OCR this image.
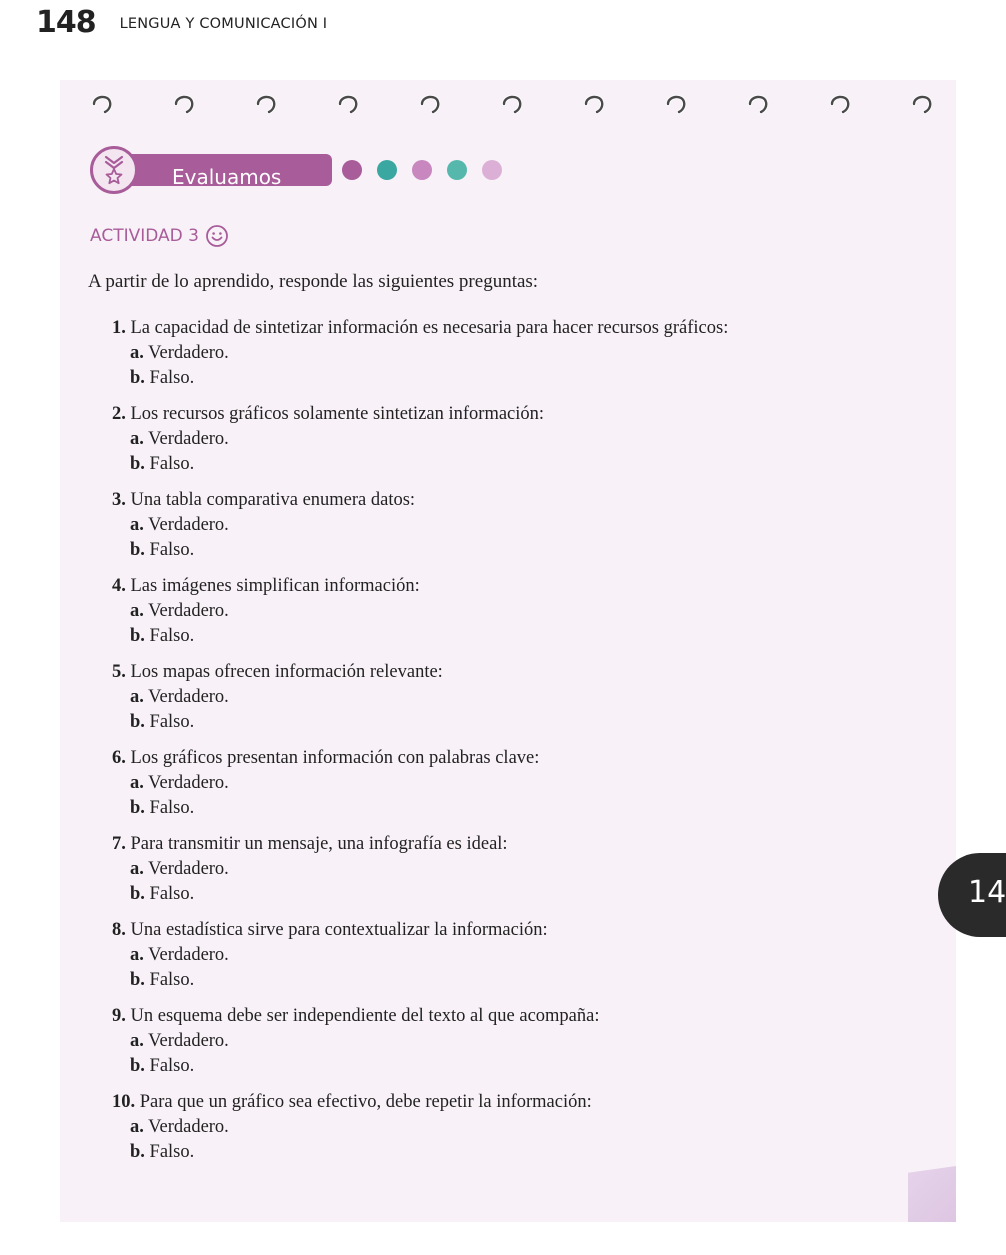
148 LENGUA Y COMUNICACIÓN I
Evaluamos
ACTIVIDAD 3
A partir de lo aprendido, responde las siguientes preguntas:
1. La capacidad de sintetizar información es necesaria para hacer recursos gráficos:
a. Verdadero.
b. Falso.
2. Los recursos gráficos solamente sintetizan información:
a. Verdadero.
b. Falso.
3. Una tabla comparativa enumera datos:
a. Verdadero.
b. Falso.
4. Las imágenes simplifican información:
a. Verdadero.
b. Falso.
5. Los mapas ofrecen información relevante:
a. Verdadero.
b. Falso.
6. Los gráficos presentan información con palabras clave:
a. Verdadero.
b. Falso.
7. Para transmitir un mensaje, una infografía es ideal:
a. Verdadero.
b. Falso.
8. Una estadística sirve para contextualizar la información:
a. Verdadero.
b. Falso.
9. Un esquema debe ser independiente del texto al que acompaña:
a. Verdadero.
b. Falso.
10. Para que un gráfico sea efectivo, debe repetir la información:
a. Verdadero.
b. Falso.
14
